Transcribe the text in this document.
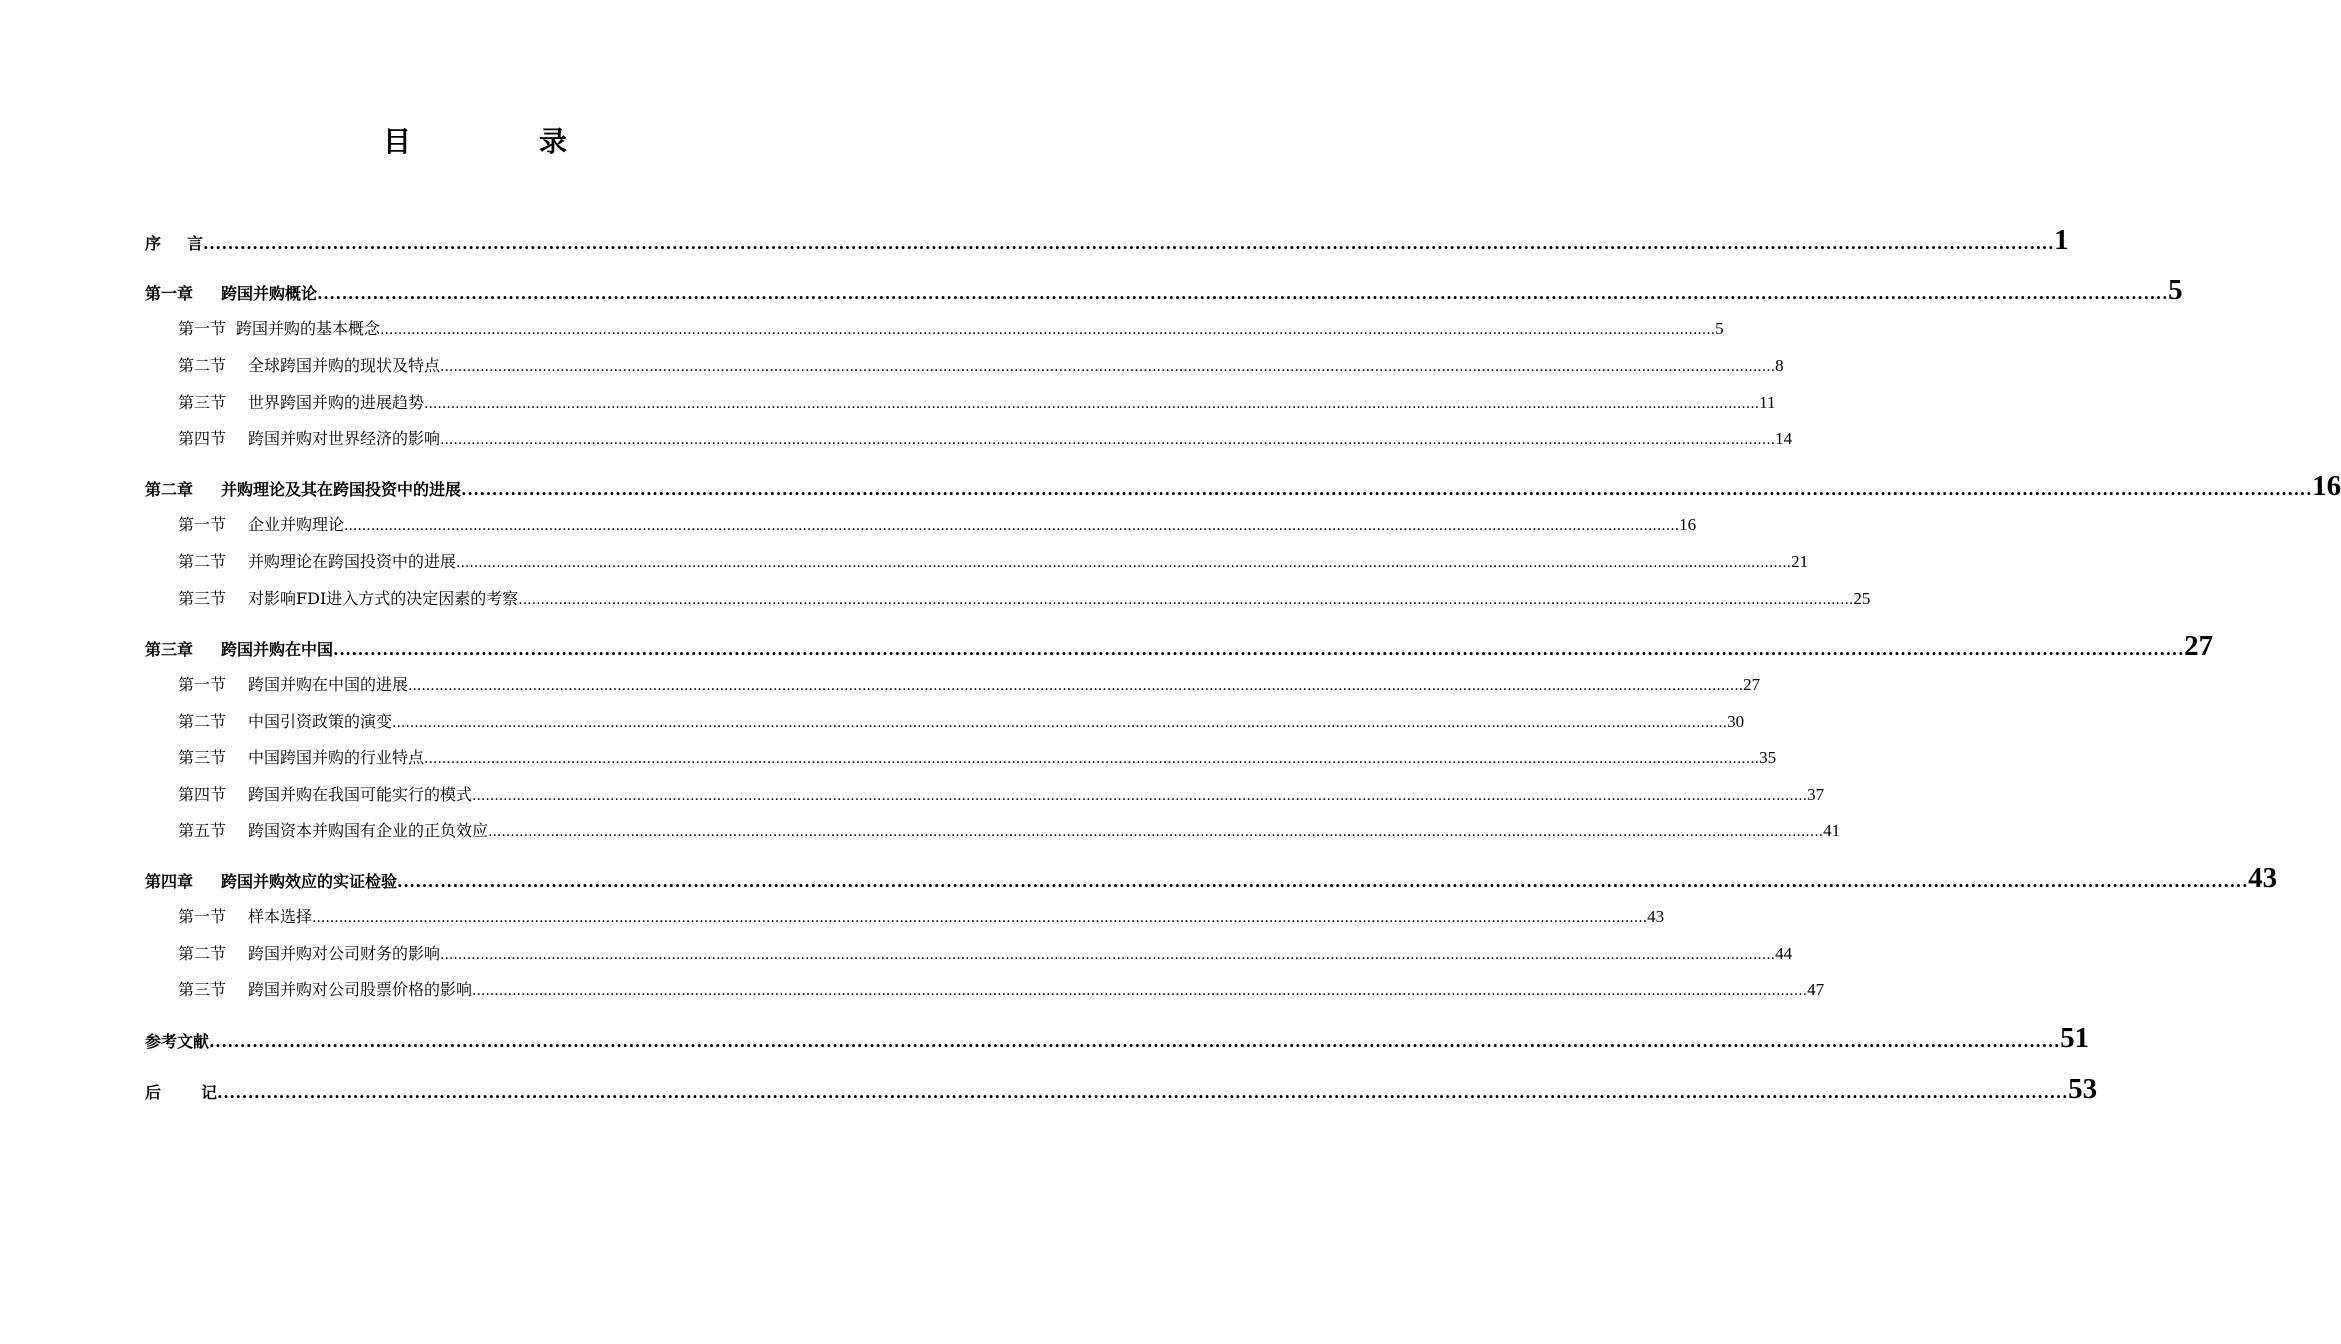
目　录
序 言 ............................................................................................................................................................................................................................................................................................................ 1
第一章 跨国并购概论 ............................................................................................................................................................................................................................................................................................................ 5
第一节 跨国并购的基本概念 ............................................................................................................................................................................................................................................................................................................ 5
第二节 全球跨国并购的现状及特点 ............................................................................................................................................................................................................................................................................................................ 8
第三节 世界跨国并购的进展趋势 ............................................................................................................................................................................................................................................................................................................ 11
第四节 跨国并购对世界经济的影响 ............................................................................................................................................................................................................................................................................................................ 14
第二章 并购理论及其在跨国投资中的进展 ............................................................................................................................................................................................................................................................................................................ 16
第一节 企业并购理论 ............................................................................................................................................................................................................................................................................................................ 16
第二节 并购理论在跨国投资中的进展 ............................................................................................................................................................................................................................................................................................................ 21
第三节 对影响FDI进入方式的决定因素的考察 ............................................................................................................................................................................................................................................................................................................ 25
第三章 跨国并购在中国 ............................................................................................................................................................................................................................................................................................................ 27
第一节 跨国并购在中国的进展 ............................................................................................................................................................................................................................................................................................................ 27
第二节 中国引资政策的演变 ............................................................................................................................................................................................................................................................................................................ 30
第三节 中国跨国并购的行业特点 ............................................................................................................................................................................................................................................................................................................ 35
第四节 跨国并购在我国可能实行的模式 ............................................................................................................................................................................................................................................................................................................ 37
第五节 跨国资本并购国有企业的正负效应 ............................................................................................................................................................................................................................................................................................................ 41
第四章 跨国并购效应的实证检验 ............................................................................................................................................................................................................................................................................................................ 43
第一节 样本选择 ............................................................................................................................................................................................................................................................................................................ 43
第二节 跨国并购对公司财务的影响 ............................................................................................................................................................................................................................................................................................................ 44
第三节 跨国并购对公司股票价格的影响 ............................................................................................................................................................................................................................................................................................................ 47
参考文献 ............................................................................................................................................................................................................................................................................................................ 51
后	记 ............................................................................................................................................................................................................................................................................................................ 53
